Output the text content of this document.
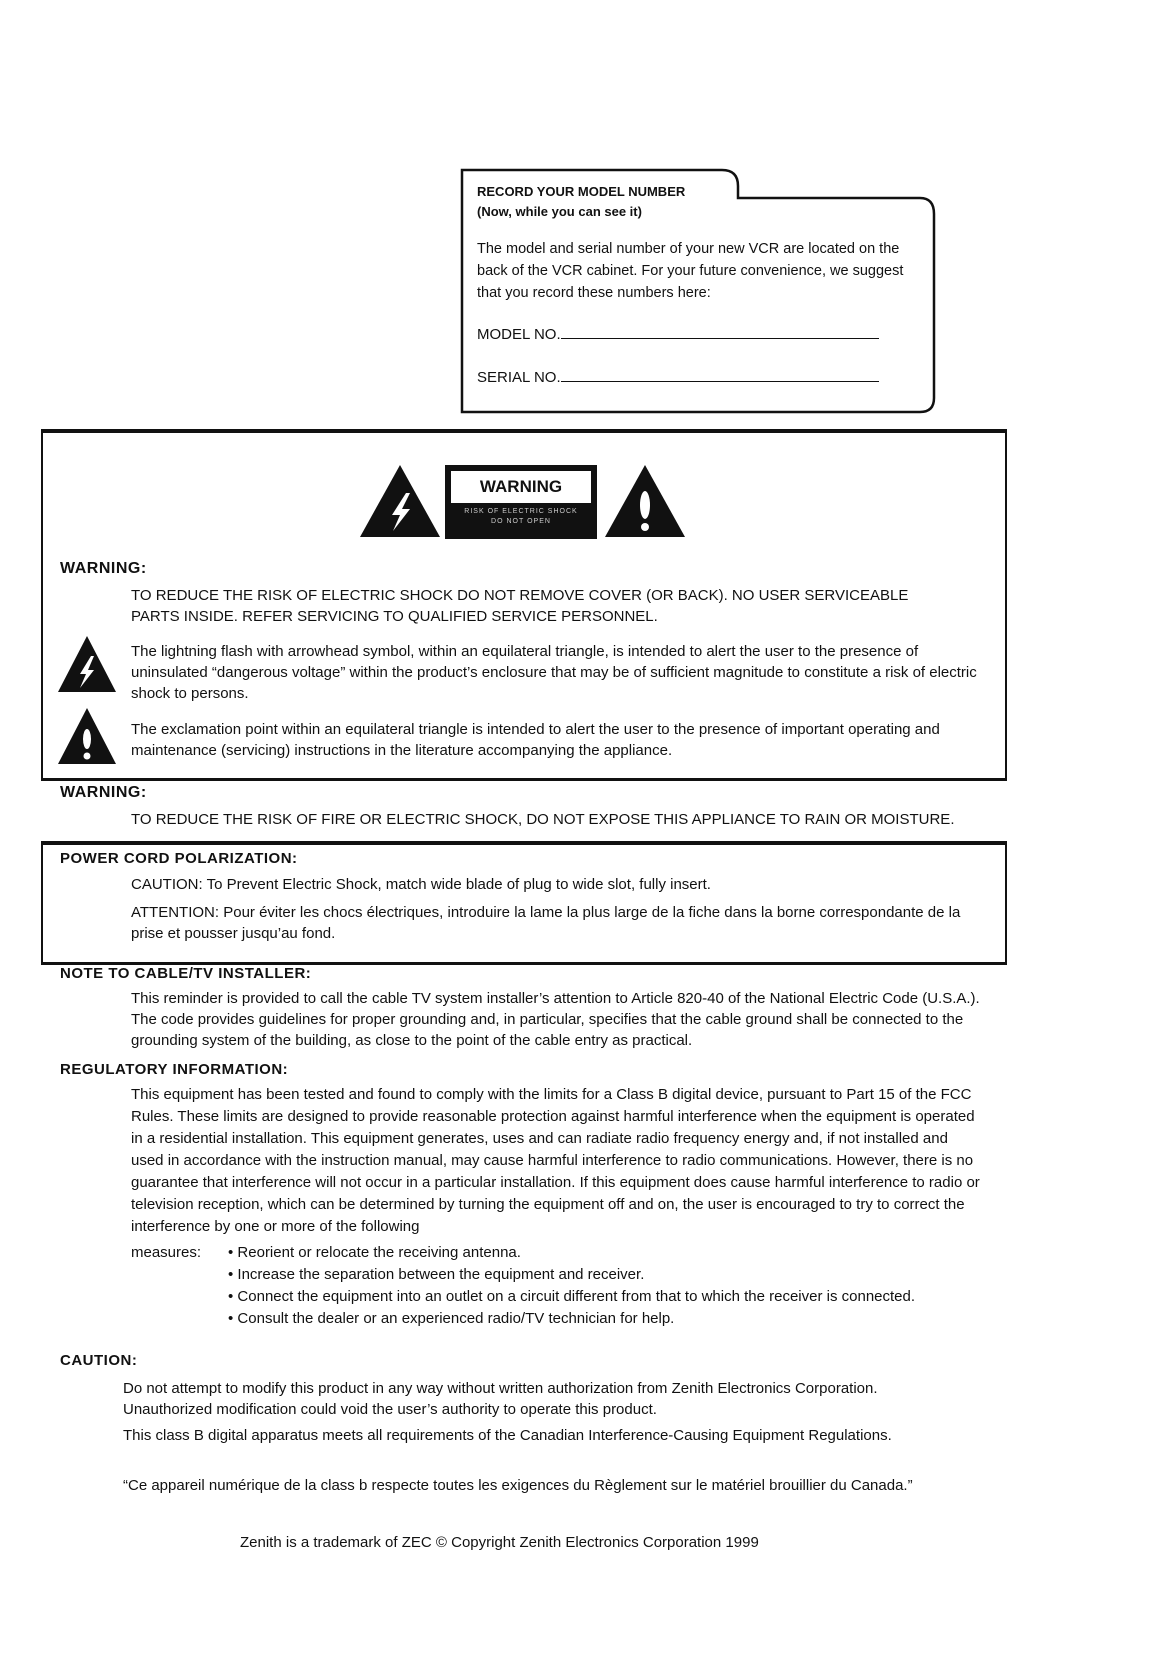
RECORD YOUR MODEL NUMBER
(Now, while you can see it)

The model and serial number of your new VCR are located on the back of the VCR cabinet. For your future convenience, we suggest that you record these numbers here:

MODEL NO.
SERIAL NO.
WARNING
RISK OF ELECTRIC SHOCK
DO NOT OPEN
WARNING:

TO REDUCE THE RISK OF ELECTRIC SHOCK DO NOT REMOVE COVER (OR BACK). NO USER SERVICEABLE PARTS INSIDE. REFER SERVICING TO QUALIFIED SERVICE PERSONNEL.

The lightning flash with arrowhead symbol, within an equilateral triangle, is intended to alert the user to the presence of uninsulated “dangerous voltage” within the product’s enclosure that may be of sufficient magnitude to constitute a risk of electric shock to persons.

The exclamation point within an equilateral triangle is intended to alert the user to the presence of important operating and maintenance (servicing) instructions in the literature accompanying the appliance.

WARNING:

TO REDUCE THE RISK OF FIRE OR ELECTRIC SHOCK, DO NOT EXPOSE THIS APPLIANCE TO RAIN OR MOISTURE.

POWER CORD POLARIZATION:

CAUTION: To Prevent Electric Shock, match wide blade of plug to wide slot, fully insert.

ATTENTION: Pour éviter les chocs électriques, introduire la lame la plus large de la fiche dans la borne correspondante de la prise et pousser jusqu’au fond.

NOTE TO CABLE/TV INSTALLER:

This reminder is provided to call the cable TV system installer’s attention to Article 820-40 of the National Electric Code (U.S.A.). The code provides guidelines for proper grounding and, in particular, specifies that the cable ground shall be connected to the grounding system of the building, as close to the point of the cable entry as practical.

REGULATORY INFORMATION:

This equipment has been tested and found to comply with the limits for a Class B digital device, pursuant to Part 15 of the FCC Rules. These limits are designed to provide reasonable protection against harmful interference when the equipment is operated in a residential installation. This equipment generates, uses and can radiate radio frequency energy and, if not installed and used in accordance with the instruction manual, may cause harmful interference to radio communications. However, there is no guarantee that interference will not occur in a particular installation. If this equipment does cause harmful interference to radio or television reception, which can be determined by turning the equipment off and on, the user is encouraged to try to correct the interference by one or more of the following

measures: • Reorient or relocate the receiving antenna.
• Increase the separation between the equipment and receiver.
• Connect the equipment into an outlet on a circuit different from that to which the receiver is connected.
• Consult the dealer or an experienced radio/TV technician for help.
CAUTION:

Do not attempt to modify this product in any way without written authorization from Zenith Electronics Corporation. Unauthorized modification could void the user’s authority to operate this product.

This class B digital apparatus meets all requirements of the Canadian Interference-Causing Equipment Regulations.

“Ce appareil numérique de la class b respecte toutes les exigences du Règlement sur le matériel brouillier du Canada.”

Zenith is a trademark of ZEC © Copyright Zenith Electronics Corporation 1999
